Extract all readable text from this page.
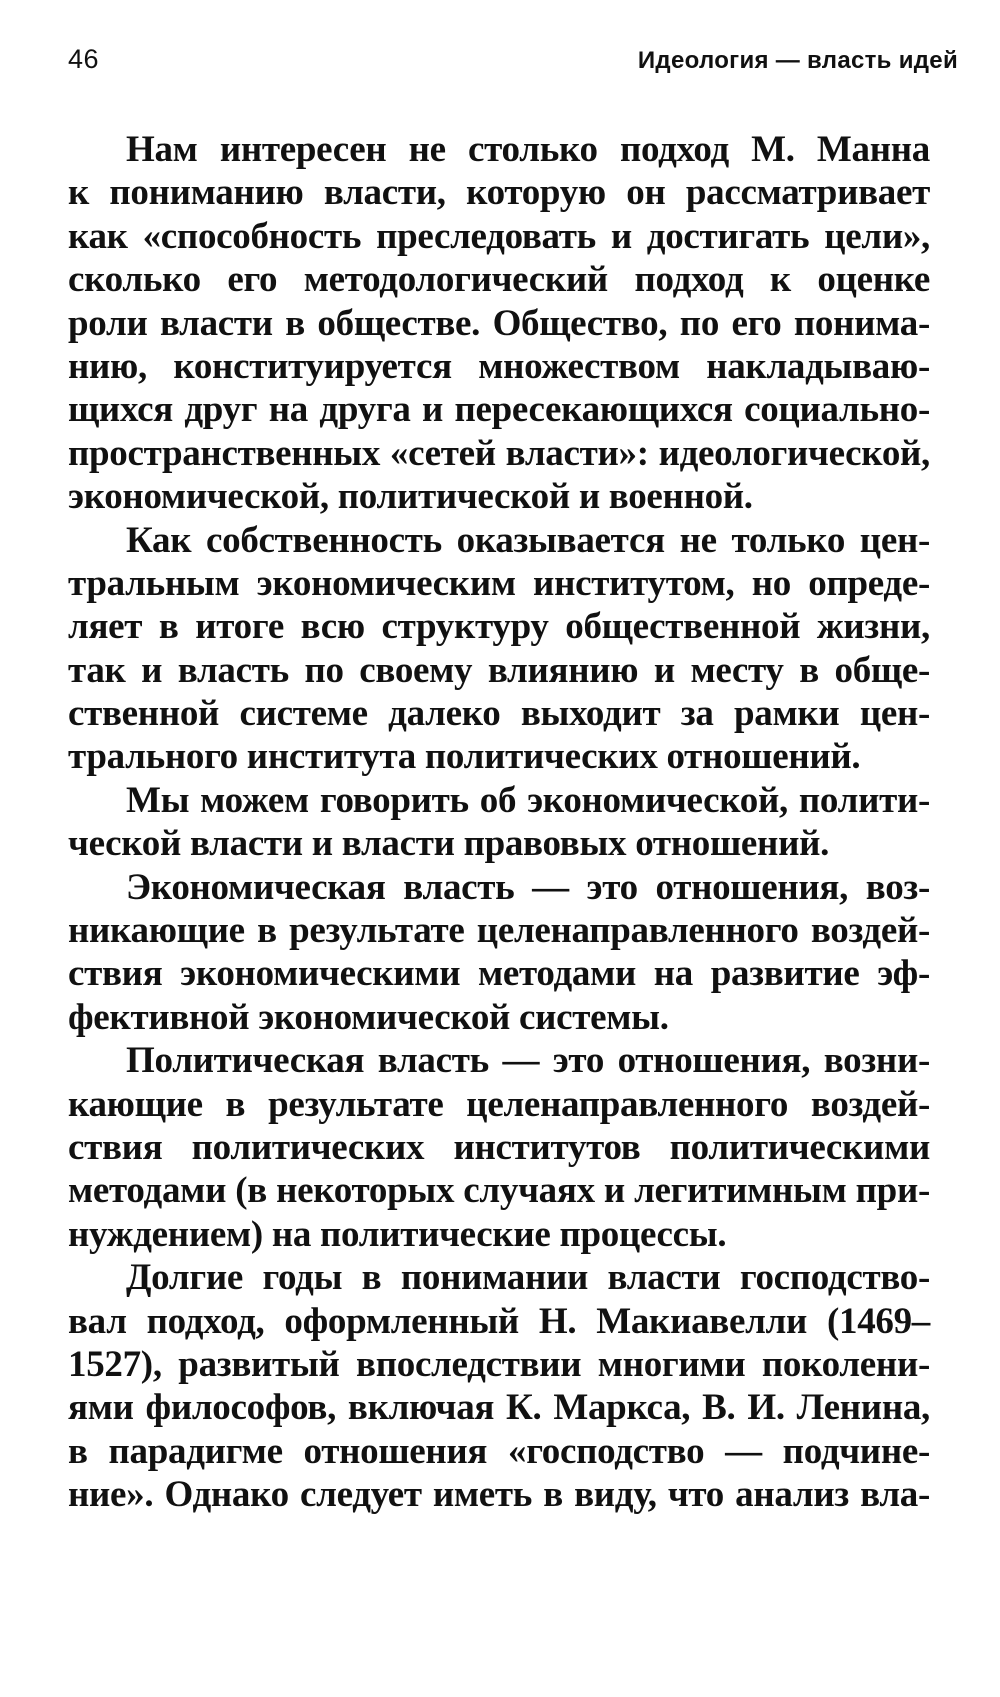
46	Идеология — власть идей
Нам интересен не столько подход М. Манна
к пониманию власти, которую он рассматривает
как «способность преследовать и достигать цели»,
сколько его методологический подход к оценке
роли власти в обществе. Общество, по его понима-
нию, конституируется множеством накладываю-
щихся друг на друга и пересекающихся социально-
пространственных «сетей власти»: идеологической,
экономической, политической и военной.
Как собственность оказывается не только цен-
тральным экономическим институтом, но опреде-
ляет в итоге всю структуру общественной жизни,
так и власть по своему влиянию и месту в обще-
ственной системе далеко выходит за рамки цен-
трального института политических отношений.
Мы можем говорить об экономической, полити-
ческой власти и власти правовых отношений.
Экономическая власть — это отношения, воз-
никающие в результате целенаправленного воздей-
ствия экономическими методами на развитие эф-
фективной экономической системы.
Политическая власть — это отношения, возни-
кающие в результате целенаправленного воздей-
ствия политических институтов политическими
методами (в некоторых случаях и легитимным при-
нуждением) на политические процессы.
Долгие годы в понимании власти господство-
вал подход, оформленный Н. Макиавелли (1469–
1527), развитый впоследствии многими поколени-
ями философов, включая К. Маркса, В. И. Ленина,
в парадигме отношения «господство — подчине-
ние». Однако следует иметь в виду, что анализ вла-
